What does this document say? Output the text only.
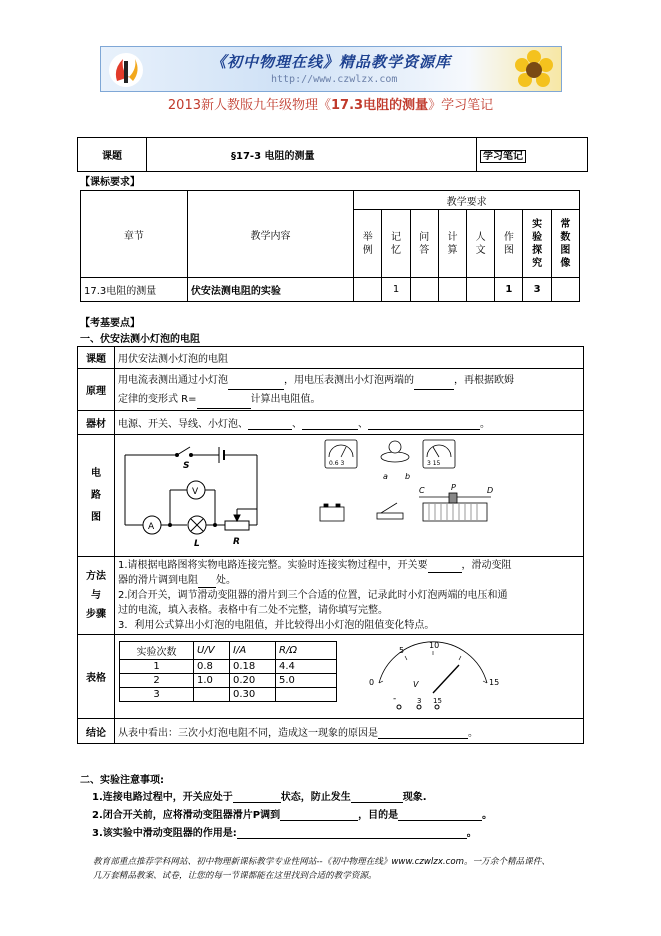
《初中物理在线》精品教学资源库
http://www.czwlzx.com
2013新人教版九年级物理《17.3电阻的测量》学习笔记
课题	§17-3 电阻的测量	学习笔记
【课标要求】
章节	教学内容	教学要求							

		举例	记忆	问答	计算	人文	作图	实验探究	常数图像

17.3电阻的测量	伏安法测电阻的实验		1				1	3	
【考基要点】
一、伏安法测小灯泡的电阻
课题	用伏安法测小灯泡的电阻
原理	用电流表测出通过小灯泡	，用电压表测出小灯泡两端的	，再根据欧姆
定律的变形式 R=	计算出电阻值。
器材	电源、开关、导线、小灯泡、	、	、	。

电
路
图

S
V
A
L	R
0.6 3	3 15
a b
C	P	D

方法
与
步骤
	1.请根据电路图将实物电路连接完整。实验时连接实物过程中，开关要	，滑动变阻
器的滑片调到电阻 处。
2.闭合开关，调节滑动变阻器的滑片到三个合适的位置，记录此时小灯泡两端的电压和通
过的电流，填入表格。表格中有二处不完整，请你填写完整。
3．利用公式算出小灯泡的电阻值，并比较得出小灯泡的阻值变化特点。
表格	
实验次数	U/V	I/A	R/Ω
1	0.8	0.18	4.4
2	1.0	0.20	5.0
3		0.30	
0
5
10
15
V
-	3 15

结论	从表中看出：三次小灯泡电阻不同，造成这一现象的原因是	。
二、实验注意事项:
1.连接电路过程中，开关应处于	状态，防止发生	现象.
2.闭合开关前，应将滑动变阻器滑片P调到	，目的是	。
3.该实验中滑动变阻器的作用是:	。
教育部重点推荐学科网站、初中物理新课标教学专业性网站--《初中物理在线》www.czwlzx.com。一万余个精品课件、
几万套精品教案、试卷，让您的每一节课都能在这里找到合适的教学资源。
